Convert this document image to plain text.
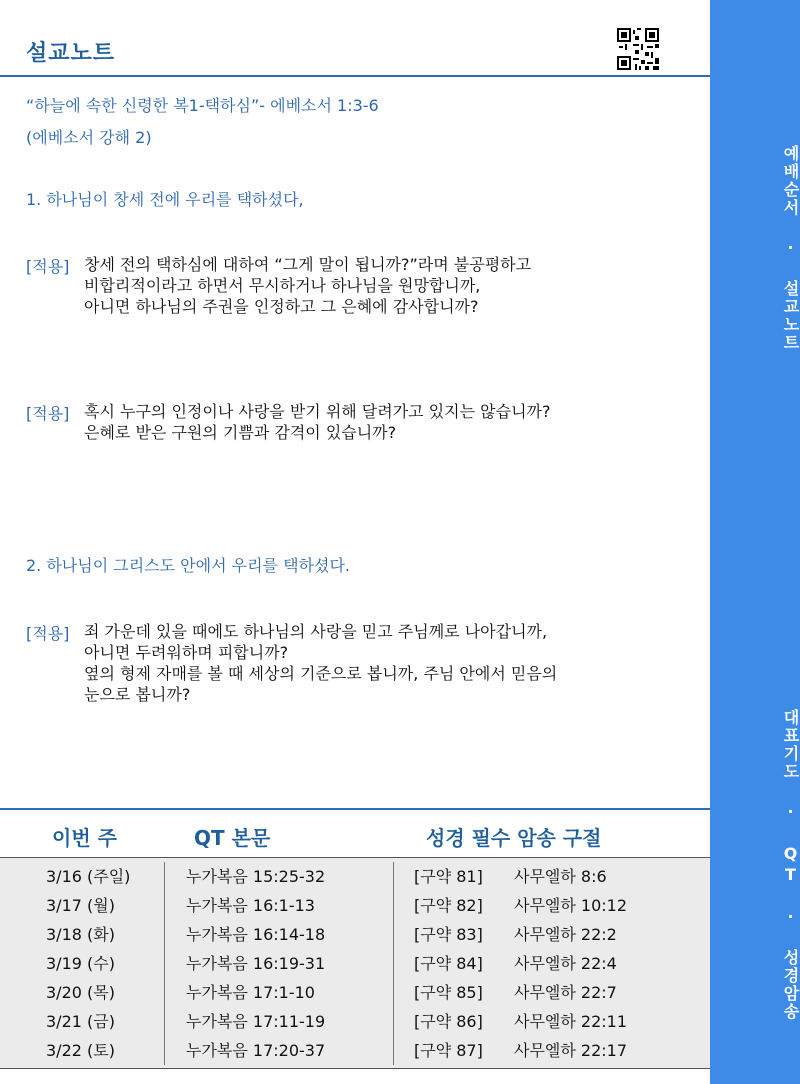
설교노트
“하늘에 속한 신령한 복1-택하심”- 에베소서 1:3-6
(에베소서 강해 2)
1. 하나님이 창세 전에 우리를 택하셨다,
[적용] 창세 전의 택하심에 대하여 “그게 말이 됩니까?”라며 불공평하고
비합리적이라고 하면서 무시하거나 하나님을 원망합니까,
아니면 하나님의 주권을 인정하고 그 은혜에 감사합니까?
[적용] 혹시 누구의 인정이나 사랑을 받기 위해 달려가고 있지는 않습니까?
은혜로 받은 구원의 기쁨과 감격이 있습니까?
2. 하나님이 그리스도 안에서 우리를 택하셨다.
[적용] 죄 가운데 있을 때에도 하나님의 사랑을 믿고 주님께로 나아갑니까,
아니면 두려워하며 피합니까?
옆의 형제 자매를 볼 때 세상의 기준으로 봅니까, 주님 안에서 믿음의
눈으로 봅니까?
이번 주	QT 본문	성경 필수 암송 구절
3/16 (주일)	누가복음 15:25-32	[구약 81] 사무엘하 8:6
3/17 (월)	누가복음 16:1-13	[구약 82] 사무엘하 10:12
3/18 (화)	누가복음 16:14-18	[구약 83] 사무엘하 22:2
3/19 (수)	누가복음 16:19-31	[구약 84] 사무엘하 22:4
3/20 (목)	누가복음 17:1-10	[구약 85] 사무엘하 22:7
3/21 (금)	누가복음 17:11-19	[구약 86] 사무엘하 22:11
3/22 (토)	누가복음 17:20-37	[구약 87] 사무엘하 22:17
예배순서 · 설교노트
대표기도 · QT · 성경암송
